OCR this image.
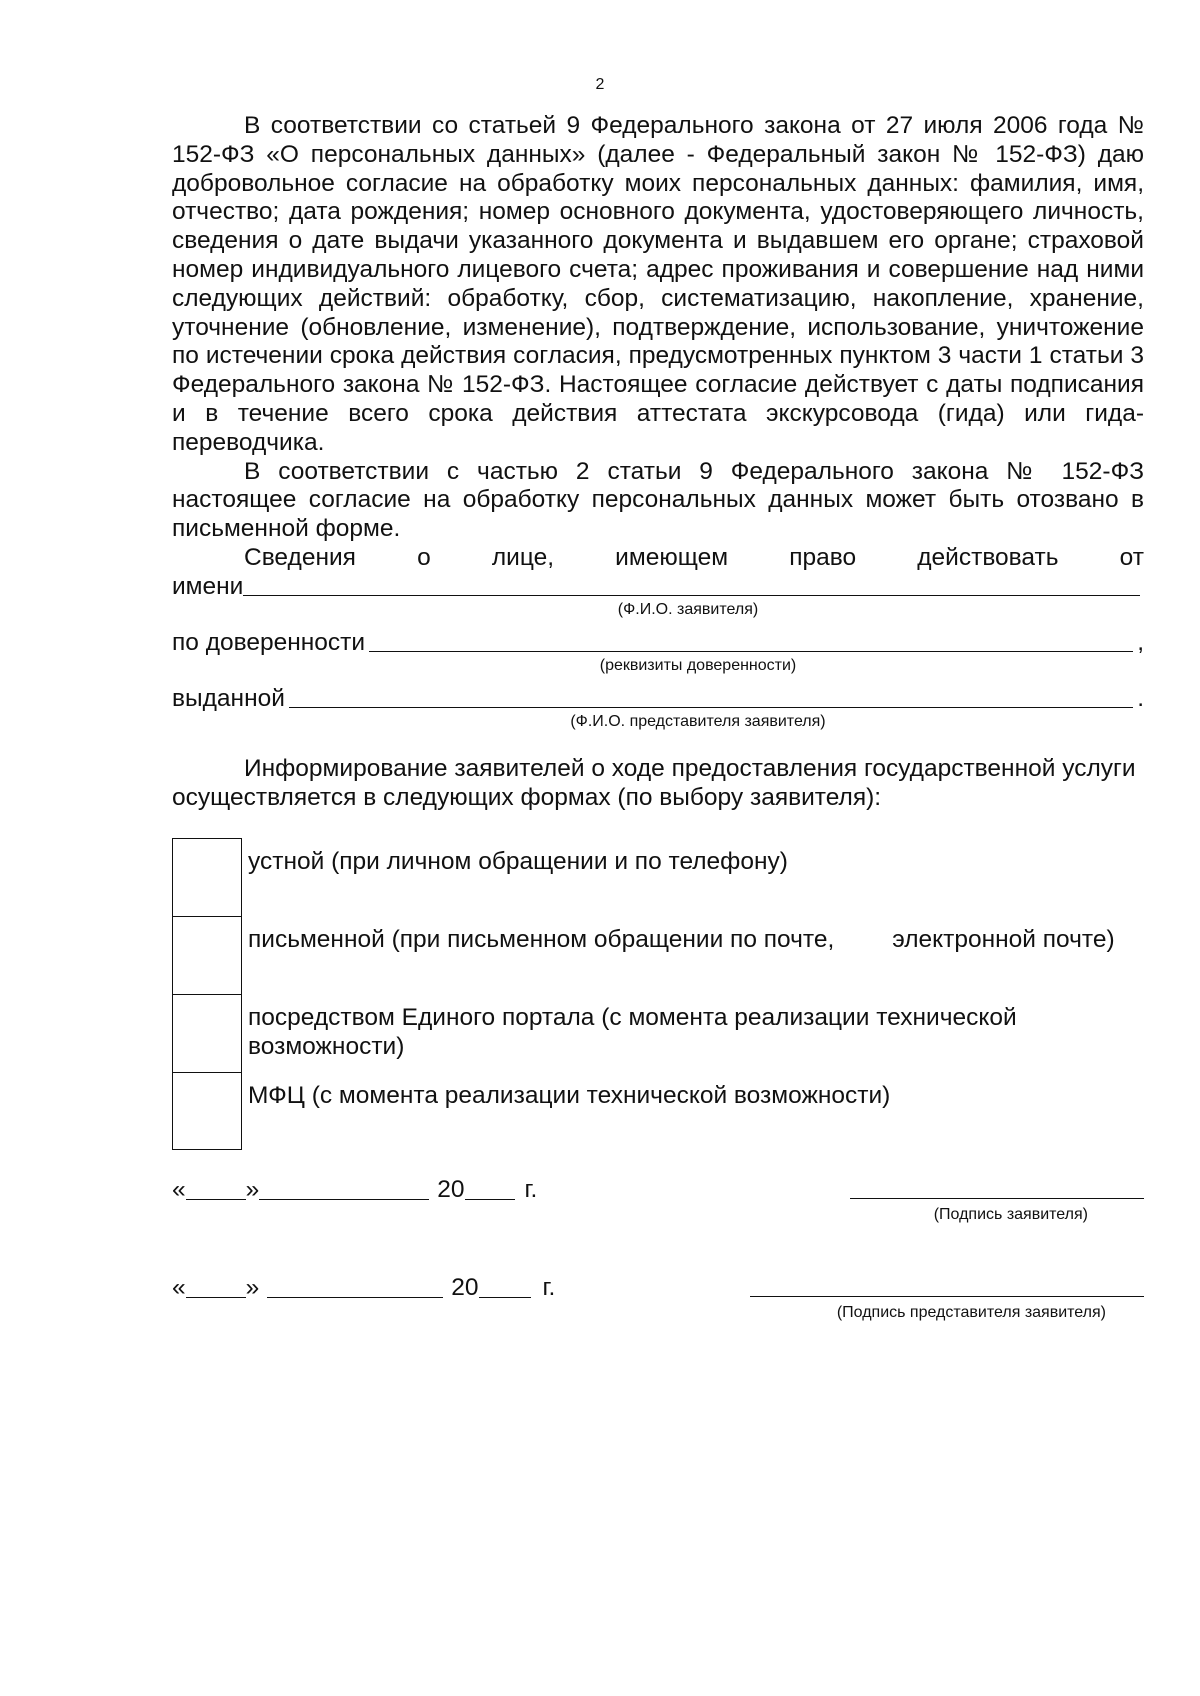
2

В соответствии со статьей 9 Федерального закона от 27 июля 2006 года № 152-ФЗ «О персональных данных» (далее - Федеральный закон № 152-ФЗ) даю добровольное согласие на обработку моих персональных данных: фамилия, имя, отчество; дата рождения; номер основного документа, удостоверяющего личность, сведения о дате выдачи указанного документа и выдавшем его органе; страховой номер индивидуального лицевого счета; адрес проживания и совершение над ними следующих действий: обработку, сбор, систематизацию, накопление, хранение, уточнение (обновление, изменение), подтверждение, использование, уничтожение по истечении срока действия согласия, предусмотренных пунктом 3 части 1 статьи 3 Федерального закона № 152-ФЗ. Настоящее согласие действует с даты подписания и в течение всего срока действия аттестата экскурсовода (гида) или гида-переводчика.

В соответствии с частью 2 статьи 9 Федерального закона № 152-ФЗ настоящее согласие на обработку персональных данных может быть отозвано в письменной форме.

Сведения о лице, имеющем право действовать от
имени

(Ф.И.О. заявителя)

по доверенности	,

(реквизиты доверенности)

выданной	.

(Ф.И.О. представителя заявителя)

Информирование заявителей о ходе предоставления государственной услуги осуществляется в следующих формах (по выбору заявителя):

устной (при личном обращении и по телефону)
письменной (при письменном обращении по почте, электронной почте)
посредством Единого портала (с момента реализации технической возможности)
МФЦ (с момента реализации технической возможности)
« »	20 г.
(Подпись заявителя)
« »	20	г.
(Подпись представителя заявителя)
